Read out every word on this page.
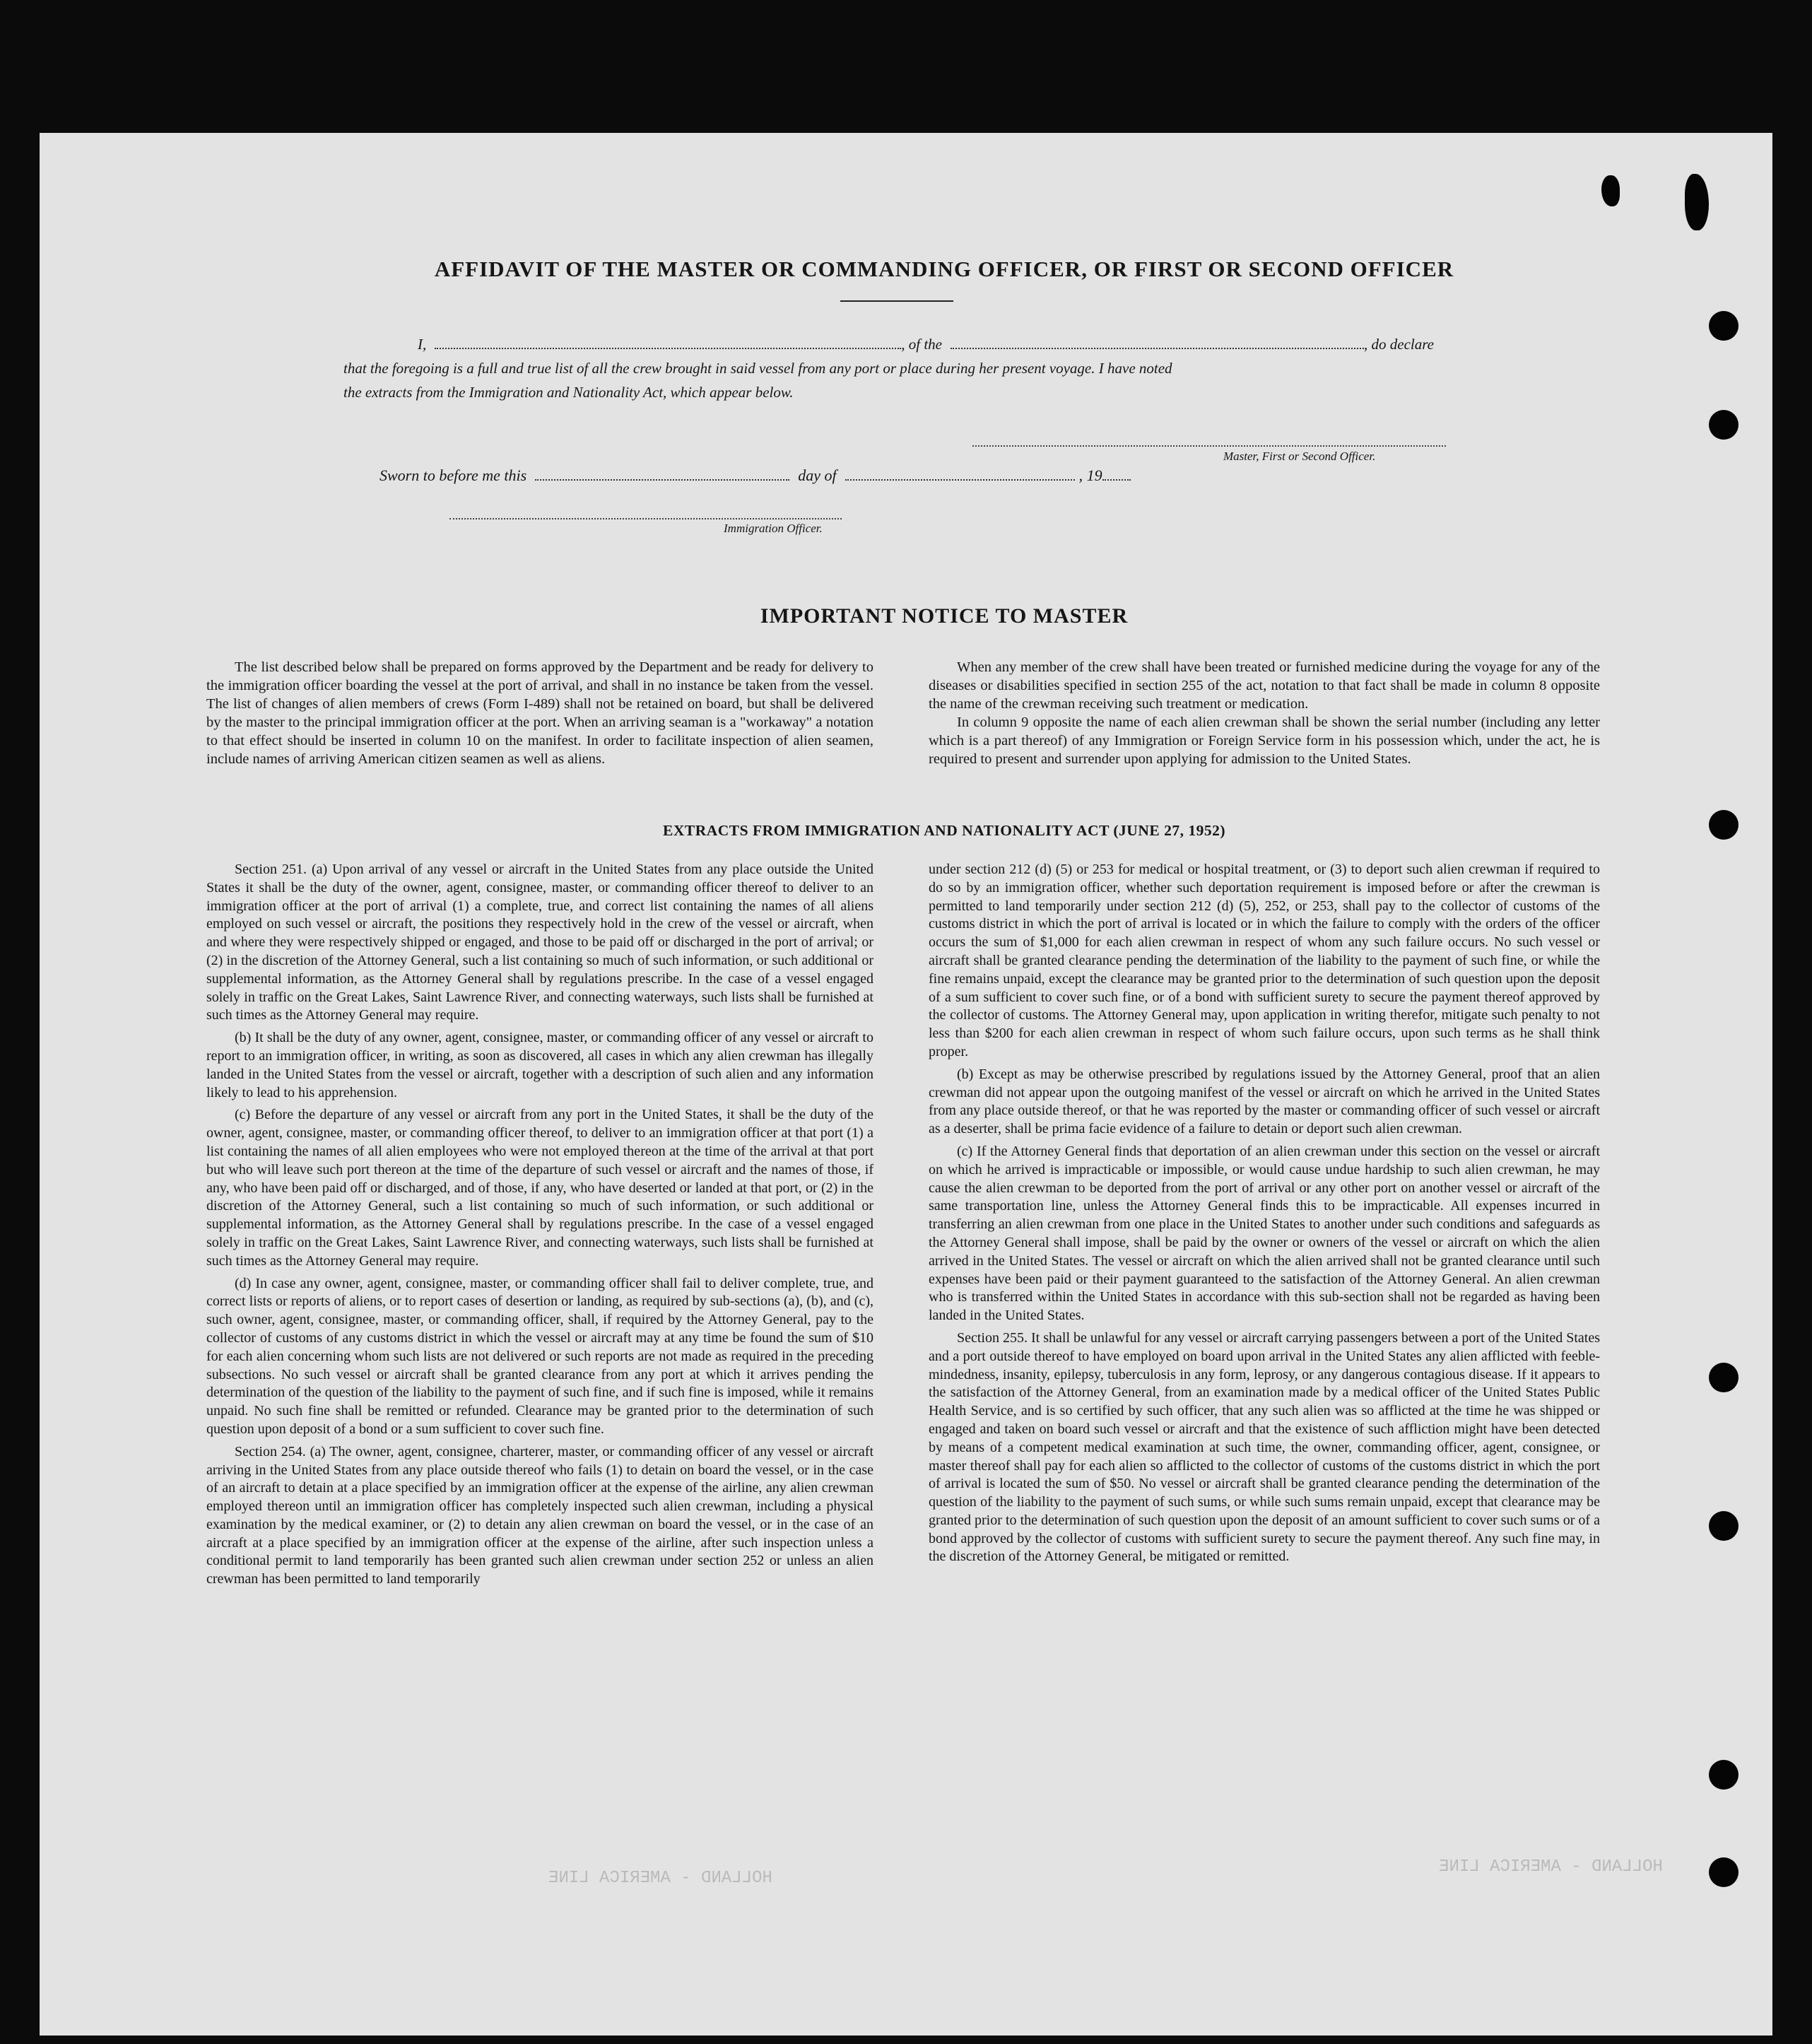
AFFIDAVIT OF THE MASTER OR COMMANDING OFFICER, OR FIRST OR SECOND OFFICER
I,	, of the	, do declare
that the foregoing is a full and true list of all the crew brought in said vessel from any port or place during her present voyage. I have noted
the extracts from the Immigration and Nationality Act, which appear below.
Master, First or Second Officer.
Sworn to before me this	day of	, 19
Immigration Officer.
IMPORTANT NOTICE TO MASTER

The list described below shall be prepared on forms approved by the Department and be ready for delivery to the immigration officer boarding the vessel at the port of arrival, and shall in no instance be taken from the vessel. The list of changes of alien members of crews (Form I-489) shall not be retained on board, but shall be delivered by the master to the principal immigration officer at the port. When an arriving seaman is a "workaway" a notation to that effect should be inserted in column 10 on the manifest. In order to facilitate inspection of alien seamen, include names of arriving American citizen seamen as well as aliens.

When any member of the crew shall have been treated or furnished medicine during the voyage for any of the diseases or disabilities specified in section 255 of the act, notation to that fact shall be made in column 8 opposite the name of the crewman receiving such treatment or medication.

In column 9 opposite the name of each alien crewman shall be shown the serial number (including any letter which is a part thereof) of any Immigration or Foreign Service form in his possession which, under the act, he is required to present and surrender upon applying for admission to the United States.

EXTRACTS FROM IMMIGRATION AND NATIONALITY ACT (JUNE 27, 1952)

Section 251. (a) Upon arrival of any vessel or aircraft in the United States from any place outside the United States it shall be the duty of the owner, agent, consignee, master, or commanding officer thereof to deliver to an immigration officer at the port of arrival (1) a complete, true, and correct list containing the names of all aliens employed on such vessel or aircraft, the positions they respectively hold in the crew of the vessel or aircraft, when and where they were respectively shipped or engaged, and those to be paid off or discharged in the port of arrival; or (2) in the discretion of the Attorney General, such a list containing so much of such information, or such additional or supplemental information, as the Attorney General shall by regulations prescribe. In the case of a vessel engaged solely in traffic on the Great Lakes, Saint Lawrence River, and connecting waterways, such lists shall be furnished at such times as the Attorney General may require.

(b) It shall be the duty of any owner, agent, consignee, master, or commanding officer of any vessel or aircraft to report to an immigration officer, in writing, as soon as discovered, all cases in which any alien crewman has illegally landed in the United States from the vessel or aircraft, together with a description of such alien and any information likely to lead to his apprehension.

(c) Before the departure of any vessel or aircraft from any port in the United States, it shall be the duty of the owner, agent, consignee, master, or commanding officer thereof, to deliver to an immigration officer at that port (1) a list containing the names of all alien employees who were not employed thereon at the time of the arrival at that port but who will leave such port thereon at the time of the departure of such vessel or aircraft and the names of those, if any, who have been paid off or discharged, and of those, if any, who have deserted or landed at that port, or (2) in the discretion of the Attorney General, such a list containing so much of such information, or such additional or supplemental information, as the Attorney General shall by regulations prescribe. In the case of a vessel engaged solely in traffic on the Great Lakes, Saint Lawrence River, and connecting waterways, such lists shall be furnished at such times as the Attorney General may require.

(d) In case any owner, agent, consignee, master, or commanding officer shall fail to deliver complete, true, and correct lists or reports of aliens, or to report cases of desertion or landing, as required by sub-sections (a), (b), and (c), such owner, agent, consignee, master, or commanding officer, shall, if required by the Attorney General, pay to the collector of customs of any customs district in which the vessel or aircraft may at any time be found the sum of $10 for each alien concerning whom such lists are not delivered or such reports are not made as required in the preceding subsections. No such vessel or aircraft shall be granted clearance from any port at which it arrives pending the determination of the question of the liability to the payment of such fine, and if such fine is imposed, while it remains unpaid. No such fine shall be remitted or refunded. Clearance may be granted prior to the determination of such question upon deposit of a bond or a sum sufficient to cover such fine.

Section 254. (a) The owner, agent, consignee, charterer, master, or commanding officer of any vessel or aircraft arriving in the United States from any place outside thereof who fails (1) to detain on board the vessel, or in the case of an aircraft to detain at a place specified by an immigration officer at the expense of the airline, any alien crewman employed thereon until an immigration officer has completely inspected such alien crewman, including a physical examination by the medical examiner, or (2) to detain any alien crewman on board the vessel, or in the case of an aircraft at a place specified by an immigration officer at the expense of the airline, after such inspection unless a conditional permit to land temporarily has been granted such alien crewman under section 252 or unless an alien crewman has been permitted to land temporarily

under section 212 (d) (5) or 253 for medical or hospital treatment, or (3) to deport such alien crewman if required to do so by an immigration officer, whether such deportation requirement is imposed before or after the crewman is permitted to land temporarily under section 212 (d) (5), 252, or 253, shall pay to the collector of customs of the customs district in which the port of arrival is located or in which the failure to comply with the orders of the officer occurs the sum of $1,000 for each alien crewman in respect of whom any such failure occurs. No such vessel or aircraft shall be granted clearance pending the determination of the liability to the payment of such fine, or while the fine remains unpaid, except the clearance may be granted prior to the determination of such question upon the deposit of a sum sufficient to cover such fine, or of a bond with sufficient surety to secure the payment thereof approved by the collector of customs. The Attorney General may, upon application in writing therefor, mitigate such penalty to not less than $200 for each alien crewman in respect of whom such failure occurs, upon such terms as he shall think proper.

(b) Except as may be otherwise prescribed by regulations issued by the Attorney General, proof that an alien crewman did not appear upon the outgoing manifest of the vessel or aircraft on which he arrived in the United States from any place outside thereof, or that he was reported by the master or commanding officer of such vessel or aircraft as a deserter, shall be prima facie evidence of a failure to detain or deport such alien crewman.

(c) If the Attorney General finds that deportation of an alien crewman under this section on the vessel or aircraft on which he arrived is impracticable or impossible, or would cause undue hardship to such alien crewman, he may cause the alien crewman to be deported from the port of arrival or any other port on another vessel or aircraft of the same transportation line, unless the Attorney General finds this to be impracticable. All expenses incurred in transferring an alien crewman from one place in the United States to another under such conditions and safeguards as the Attorney General shall impose, shall be paid by the owner or owners of the vessel or aircraft on which the alien arrived in the United States. The vessel or aircraft on which the alien arrived shall not be granted clearance until such expenses have been paid or their payment guaranteed to the satisfaction of the Attorney General. An alien crewman who is transferred within the United States in accordance with this sub-section shall not be regarded as having been landed in the United States.

Section 255. It shall be unlawful for any vessel or aircraft carrying passengers between a port of the United States and a port outside thereof to have employed on board upon arrival in the United States any alien afflicted with feeble-mindedness, insanity, epilepsy, tuberculosis in any form, leprosy, or any dangerous contagious disease. If it appears to the satisfaction of the Attorney General, from an examination made by a medical officer of the United States Public Health Service, and is so certified by such officer, that any such alien was so afflicted at the time he was shipped or engaged and taken on board such vessel or aircraft and that the existence of such affliction might have been detected by means of a competent medical examination at such time, the owner, commanding officer, agent, consignee, or master thereof shall pay for each alien so afflicted to the collector of customs of the customs district in which the port of arrival is located the sum of $50. No vessel or aircraft shall be granted clearance pending the determination of the question of the liability to the payment of such sums, or while such sums remain unpaid, except that clearance may be granted prior to the determination of such question upon the deposit of an amount sufficient to cover such sums or of a bond approved by the collector of customs with sufficient surety to secure the payment thereof. Any such fine may, in the discretion of the Attorney General, be mitigated or remitted.

HOLLAND - AMERICA LINE
HOLLAND - AMERICA LINE
